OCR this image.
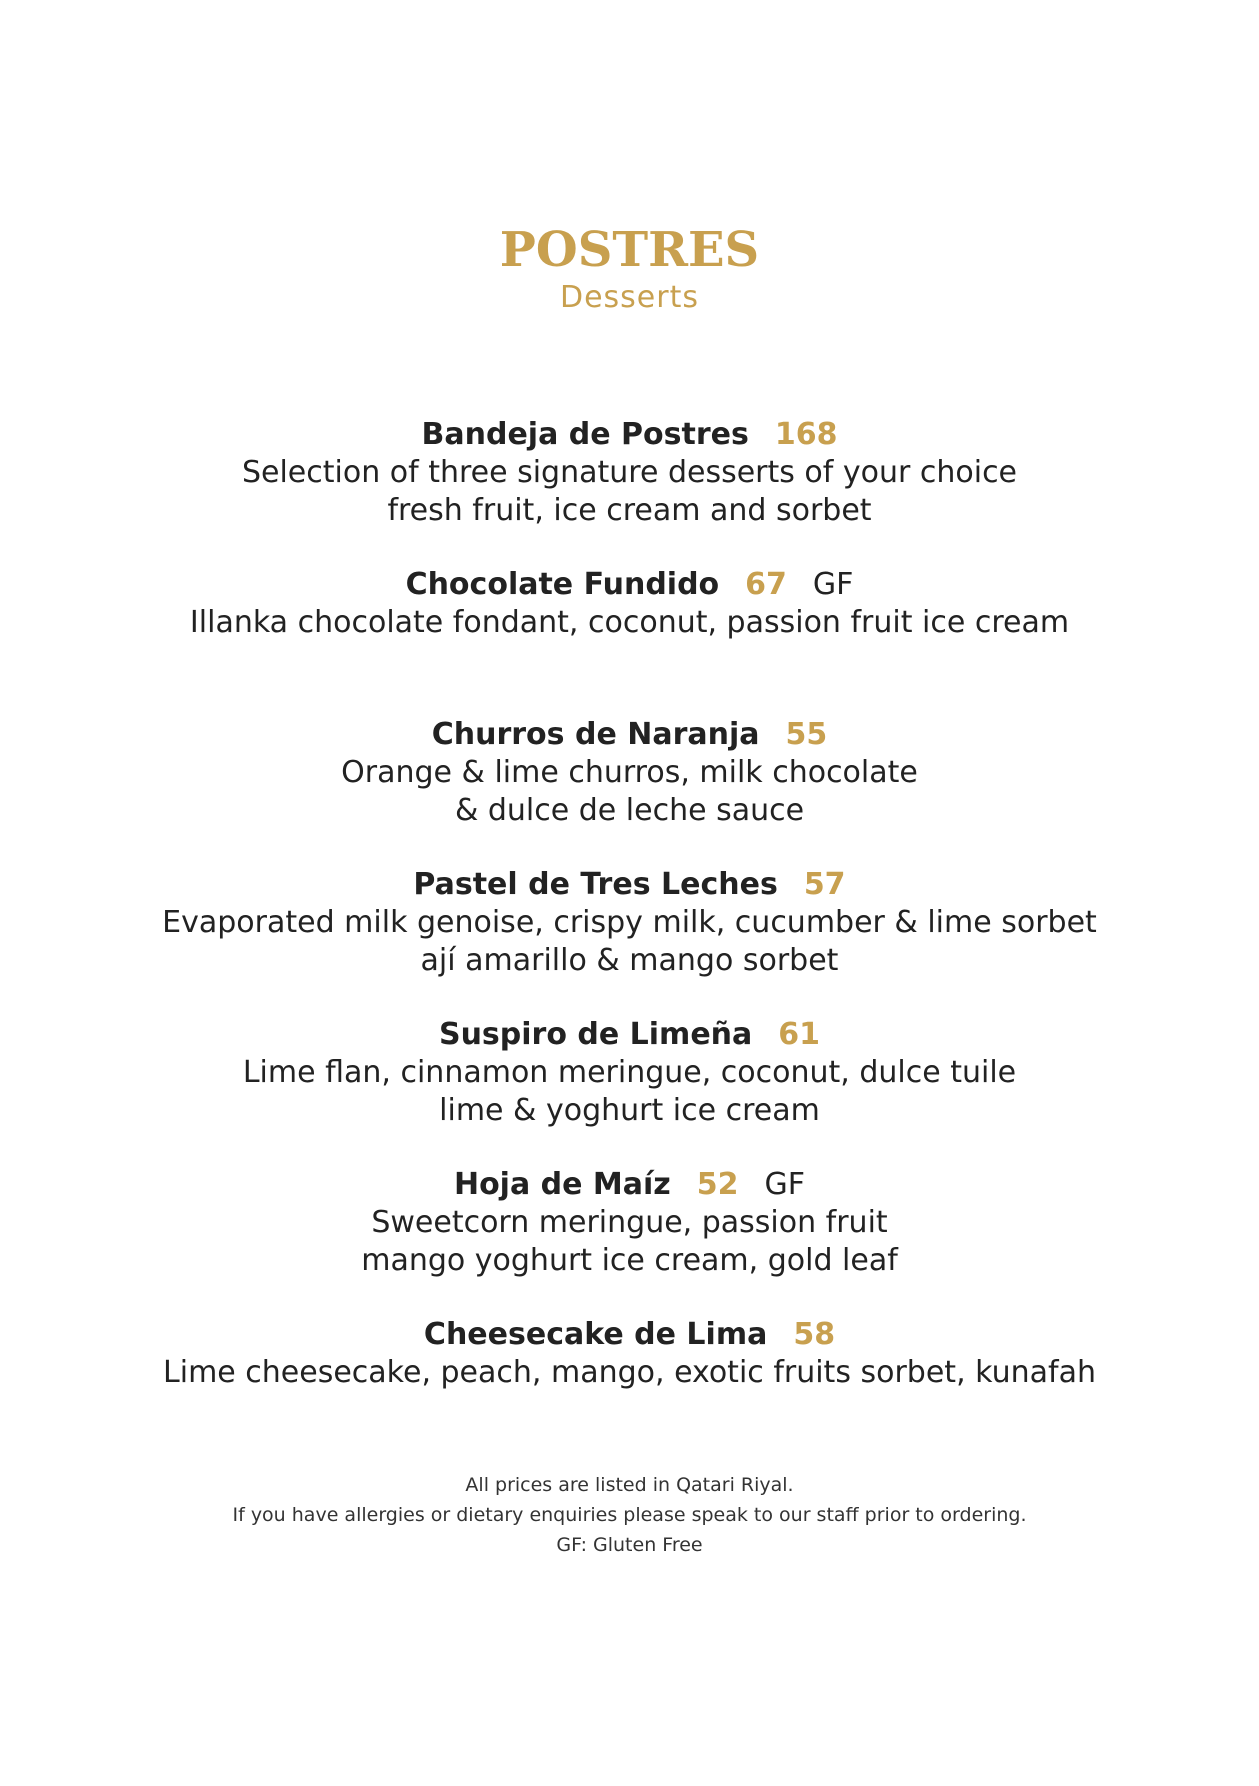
POSTRES
Desserts
Bandeja de Postres 168
Selection of three signature desserts of your choice
fresh fruit, ice cream and sorbet
Chocolate Fundido 67 GF
Illanka chocolate fondant, coconut, passion fruit ice cream
Churros de Naranja 55
Orange & lime churros, milk chocolate
& dulce de leche sauce
Pastel de Tres Leches 57
Evaporated milk genoise, crispy milk, cucumber & lime sorbet
ají amarillo & mango sorbet
Suspiro de Limeña 61
Lime flan, cinnamon meringue, coconut, dulce tuile
lime & yoghurt ice cream
Hoja de Maíz 52 GF
Sweetcorn meringue, passion fruit
mango yoghurt ice cream, gold leaf
Cheesecake de Lima 58
Lime cheesecake, peach, mango, exotic fruits sorbet, kunafah
All prices are listed in Qatari Riyal.
If you have allergies or dietary enquiries please speak to our staff prior to ordering.
GF: Gluten Free
